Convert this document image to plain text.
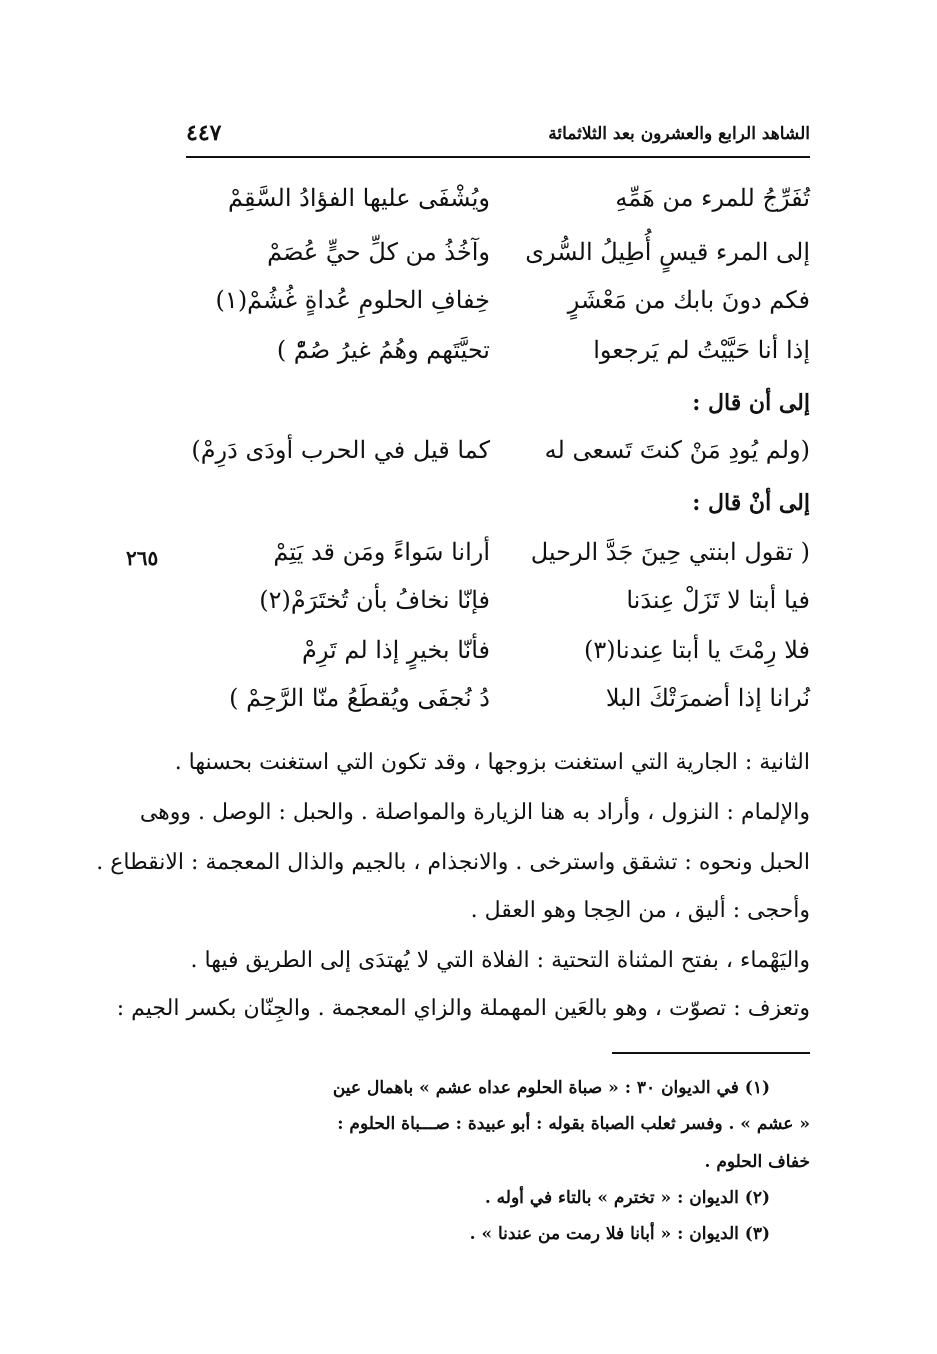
الشاهد الرابع والعشرون بعد الثلاثمائة
٤٤٧
٢٦٥
تُفَرِّجُ للمرء من هَمِّهِ
ويُشْفَى عليها الفؤادُ السَّقِمْ
إلى المرء قيسٍ أُطِيلُ السُّرى
وآخُذُ من كلِّ حيٍّ عُصَمْ
فكم دونَ بابك من مَعْشَرٍ
خِفافِ الحلومِ عُداةٍ غُشُمْ(١)
إذا أنا حَيَّيْتُ لم يَرجعوا
تحيَّتَهم وهُمُ غيرُ صُمّْ )
إلى أن قال :
(ولم يُودِ مَنْ كنتَ تَسعى له
كما قيل في الحرب أودَى دَرِمْ)
إلى أنْ قال :
( تقول ابنتي حِينَ جَدَّ الرحيل
أرانا سَواءً ومَن قد يَتِمْ
فيا أبتا لا تَزَلْ عِندَنا
فإنّا نخافُ بأن تُختَرَمْ(٢)
فلا رِمْتَ يا أبتا عِندنا(٣)
فأنّا بخيرٍ إذا لم تَرِمْ
نُرانا إذا أضمرَتْكَ البلا
دُ نُجفَى ويُقطَعُ منّا الرَّحِمْ )
الثانية : الجارية التي استغنت بزوجها ، وقد تكون التي استغنت بحسنها .
والإلمام : النزول ، وأراد به هنا الزيارة والمواصلة . والحبل : الوصل . ووهى
الحبل ونحوه : تشقق واسترخى . والانجذام ، بالجيم والذال المعجمة : الانقطاع .
وأحجى : أليق ، من الحِجا وهو العقل .
واليَهْماء ، بفتح المثناة التحتية : الفلاة التي لا يُهتدَى إلى الطريق فيها .
وتعزف : تصوّت ، وهو بالعَين المهملة والزاي المعجمة . والجِنّان بكسر الجيم :
(١) في الديوان ٣٠ : « صباة الحلوم عداه عشم » باهمال عين
« عشم » . وفسر ثعلب الصباة بقوله : أبو عبيدة : صـــباة الحلوم :
خفاف الحلوم .
(٢) الديوان : « تخترم » بالتاء في أوله .
(٣) الديوان : « أبانا فلا رمت من عندنا » .
